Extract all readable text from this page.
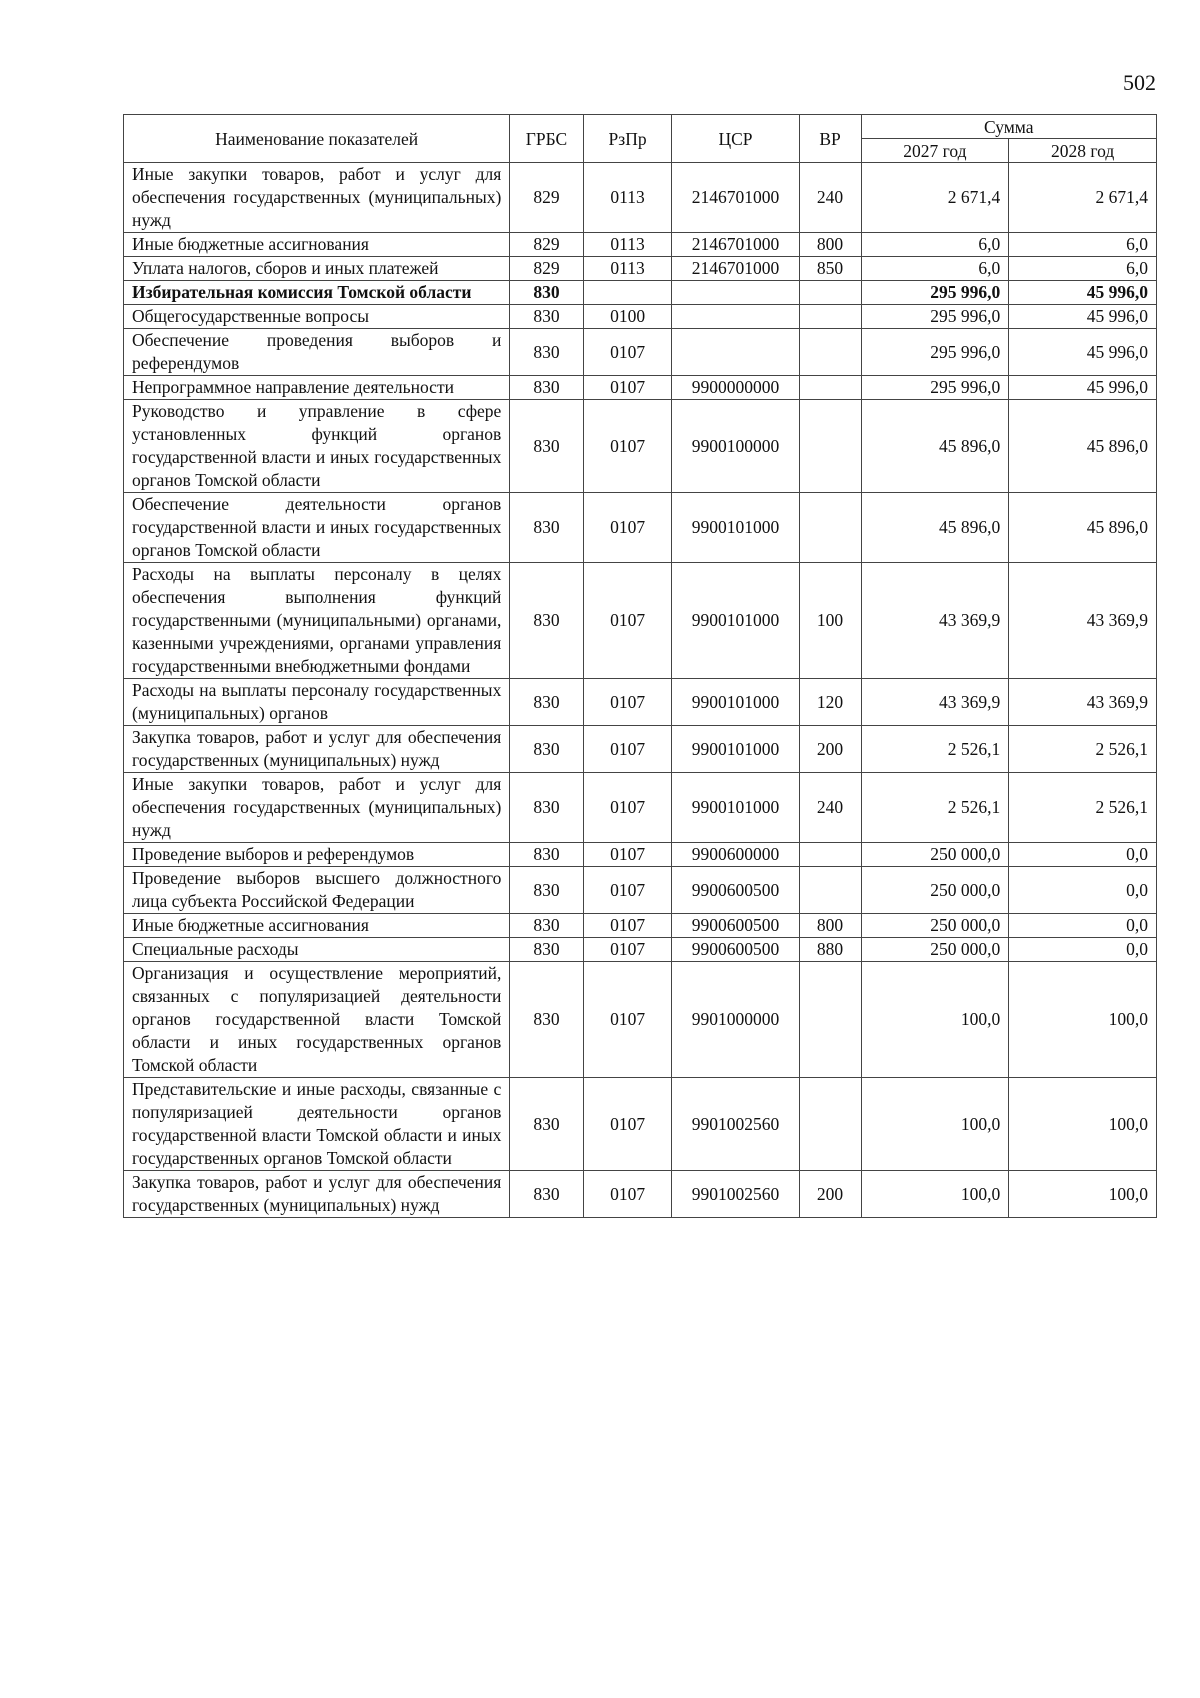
502
Наименование показателей	ГРБС	РзПр	ЦСР	ВР	Сумма	
					2027 год	2028 год
Иные закупки товаров, работ и услуг для обеспечения государственных (муниципальных) нужд	829	0113	2146701000	240	2 671,4	2 671,4
Иные бюджетные ассигнования	829	0113	2146701000	800	6,0	6,0
Уплата налогов, сборов и иных платежей	829	0113	2146701000	850	6,0	6,0
Избирательная комиссия Томской области	830				295 996,0	45 996,0
Общегосударственные вопросы	830	0100			295 996,0	45 996,0
Обеспечение проведения выборов и референдумов	830	0107			295 996,0	45 996,0
Непрограммное направление деятельности	830	0107	9900000000		295 996,0	45 996,0
Руководство и управление в сфере установленных функций органов государственной власти и иных государственных органов Томской области	830	0107	9900100000		45 896,0	45 896,0
Обеспечение деятельности органов государственной власти и иных государственных органов Томской области	830	0107	9900101000		45 896,0	45 896,0
Расходы на выплаты персоналу в целях обеспечения выполнения функций государственными (муниципальными) органами, казенными учреждениями, органами управления государственными внебюджетными фондами	830	0107	9900101000	100	43 369,9	43 369,9
Расходы на выплаты персоналу государственных (муниципальных) органов	830	0107	9900101000	120	43 369,9	43 369,9
Закупка товаров, работ и услуг для обеспечения государственных (муниципальных) нужд	830	0107	9900101000	200	2 526,1	2 526,1
Иные закупки товаров, работ и услуг для обеспечения государственных (муниципальных) нужд	830	0107	9900101000	240	2 526,1	2 526,1
Проведение выборов и референдумов	830	0107	9900600000		250 000,0	0,0
Проведение выборов высшего должностного лица субъекта Российской Федерации	830	0107	9900600500		250 000,0	0,0
Иные бюджетные ассигнования	830	0107	9900600500	800	250 000,0	0,0
Специальные расходы	830	0107	9900600500	880	250 000,0	0,0
Организация и осуществление мероприятий, связанных с популяризацией деятельности органов государственной власти Томской области и иных государственных органов Томской области	830	0107	9901000000		100,0	100,0
Представительские и иные расходы, связанные с популяризацией деятельности органов государственной власти Томской области и иных государственных органов Томской области	830	0107	9901002560		100,0	100,0
Закупка товаров, работ и услуг для обеспечения государственных (муниципальных) нужд	830	0107	9901002560	200	100,0	100,0
